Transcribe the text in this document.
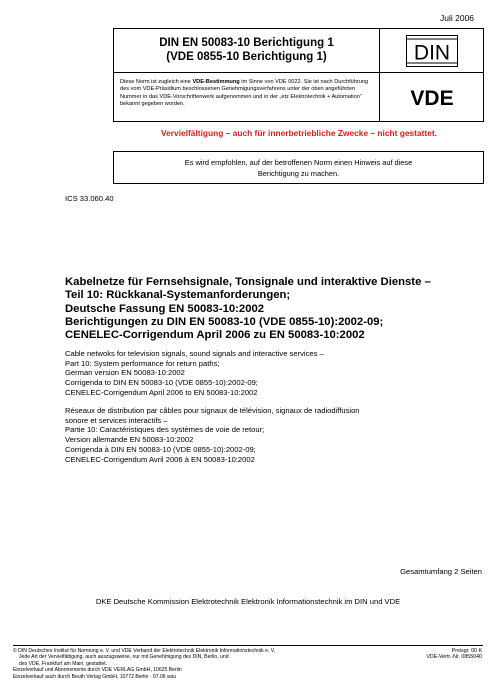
Juli 2006
DIN EN 50083-10 Berichtigung 1
(VDE 0855-10 Berichtigung 1)	DIN
Diese Norm ist zugleich eine VDE-Bestimmung im Sinne von VDE 0022. Sie ist nach Durchführung des vom VDE-Präsidium beschlossenen Genehmigungsverfahrens unter der oben angeführten Nummer in das VDE-Vorschriftenwerk aufgenommen und in der „etz Elektrotechnik + Automation“ bekannt gegeben worden.	VDE
Vervielfältigung – auch für innerbetriebliche Zwecke – nicht gestattet.
Es wird empfohlen, auf der betroffenen Norm einen Hinweis auf diese
Berichtigung zu machen.
ICS 33.060.40
Kabelnetze für Fernsehsignale, Tonsignale und interaktive Dienste –
Teil 10: Rückkanal-Systemanforderungen;
Deutsche Fassung EN 50083-10:2002
Berichtigungen zu DIN EN 50083-10 (VDE 0855-10):2002-09;
CENELEC-Corrigendum April 2006 zu EN 50083-10:2002
Cable netwoks for television signals, sound signals and interactive services –
Part 10: System performance for return paths;
German version EN 50083-10:2002
Corrigenda to DIN EN 50083-10 (VDE 0855-10):2002-09;
CENELEC-Corrigendum April 2006 to EN 50083-10:2002
Réseaux de distribution par câbles pour signaux de télévision, signaux de radiodiffusion
sonore et services interactifs –
Partie 10: Caractéristiques des systèmes de voie de retour;
Version allemande EN 50083-10:2002
Corrigenda à DIN EN 50083-10 (VDE 0855-10):2002-09;
CENELEC-Corrigendum Avril 2006 à EN 50083-10:2002
Gesamtumfang 2 Seiten
DKE Deutsche Kommission Elektrotechnik Elektronik Informationstechnik im DIN und VDE
© DIN Deutsches Institut für Normung e. V. und VDE Verband der Elektrotechnik Elektronik Informationstechnik e. V.
Jede Art der Vervielfältigung, auch auszugsweise, nur mit Genehmigung des DIN, Berlin, und
des VDE, Frankfurt am Main, gestattet.
Einzelverkauf und Abonnements durch VDE VERLAG GmbH, 10625 Berlin
Einzelverkauf auch durch Beuth Verlag GmbH, 10772 Berlin · 07.06 wsu
Preisgr. 00 K
VDE-Vertr.-Nr. 0855040
